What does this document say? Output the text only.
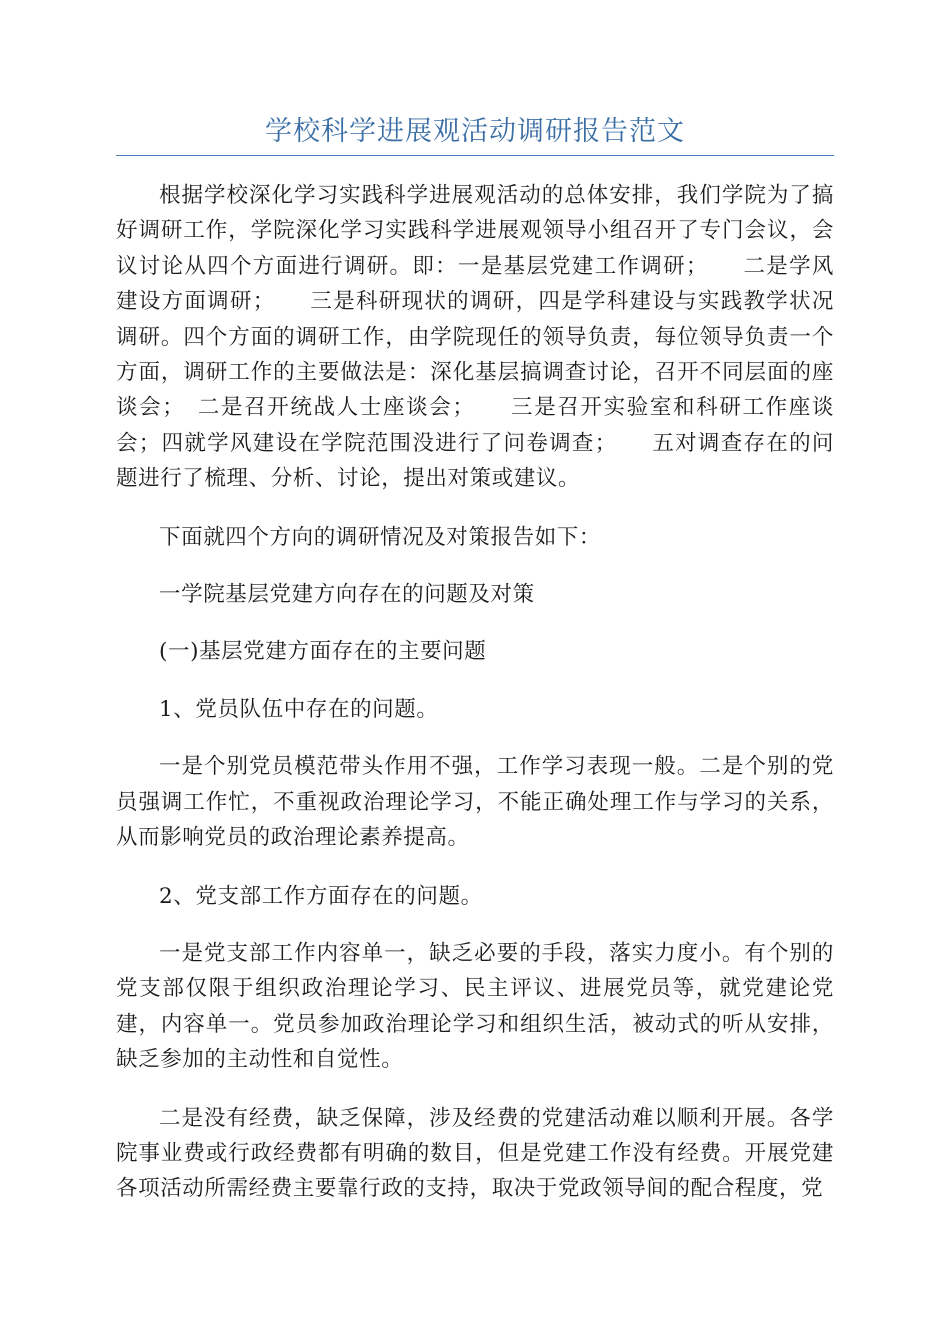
学校科学进展观活动调研报告范文

根据学校深化学习实践科学进展观活动的总体安排，我们学院为了搞好调研工作，学院深化学习实践科学进展观领导小组召开了专门会议，会议讨论从四个方面进行调研。即：一是基层党建工作调研；　　二是学风建设方面调研；　　三是科研现状的调研，四是学科建设与实践教学状况调研。四个方面的调研工作，由学院现任的领导负责，每位领导负责一个方面，调研工作的主要做法是：深化基层搞调查讨论，召开不同层面的座谈会；　二是召开统战人士座谈会；　　三是召开实验室和科研工作座谈会；四就学风建设在学院范围没进行了问卷调查；　　五对调查存在的问题进行了梳理、分析、讨论，提出对策或建议。

下面就四个方向的调研情况及对策报告如下：

一学院基层党建方向存在的问题及对策

(一)基层党建方面存在的主要问题

1、党员队伍中存在的问题。

一是个别党员模范带头作用不强，工作学习表现一般。二是个别的党员强调工作忙，不重视政治理论学习，不能正确处理工作与学习的关系，从而影响党员的政治理论素养提高。

2、党支部工作方面存在的问题。

一是党支部工作内容单一，缺乏必要的手段，落实力度小。有个别的党支部仅限于组织政治理论学习、民主评议、进展党员等，就党建论党建，内容单一。党员参加政治理论学习和组织生活，被动式的听从安排，缺乏参加的主动性和自觉性。

二是没有经费，缺乏保障，涉及经费的党建活动难以顺利开展。各学院事业费或行政经费都有明确的数目，但是党建工作没有经费。开展党建各项活动所需经费主要靠行政的支持，取决于党政领导间的配合程度，党
